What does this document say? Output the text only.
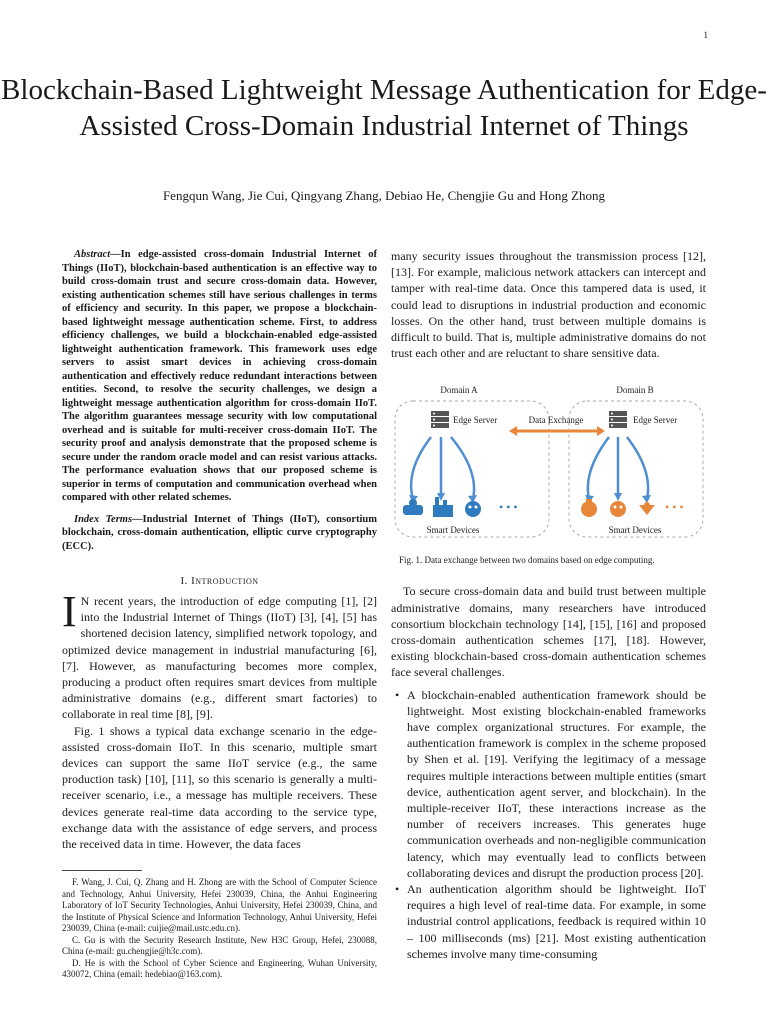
1
Blockchain-Based Lightweight Message Authentication for Edge-Assisted Cross-Domain Industrial Internet of Things
Fengqun Wang, Jie Cui, Qingyang Zhang, Debiao He, Chengjie Gu and Hong Zhong

Abstract—In edge-assisted cross-domain Industrial Internet of Things (IIoT), blockchain-based authentication is an effective way to build cross-domain trust and secure cross-domain data. However, existing authentication schemes still have serious challenges in terms of efficiency and security. In this paper, we propose a blockchain-based lightweight message authentication scheme. First, to address efficiency challenges, we build a blockchain-enabled edge-assisted lightweight authentication framework. This framework uses edge servers to assist smart devices in achieving cross-domain authentication and effectively reduce redundant interactions between entities. Second, to resolve the security challenges, we design a lightweight message authentication algorithm for cross-domain IIoT. The algorithm guarantees message security with low computational overhead and is suitable for multi-receiver cross-domain IIoT. The security proof and analysis demonstrate that the proposed scheme is secure under the random oracle model and can resist various attacks. The performance evaluation shows that our proposed scheme is superior in terms of computation and communication overhead when compared with other related schemes.

Index Terms—Industrial Internet of Things (IIoT), consortium blockchain, cross-domain authentication, elliptic curve cryptography (ECC).

I. Introduction

I N recent years, the introduction of edge computing [1], [2] into the Industrial Internet of Things (IIoT) [3], [4], [5] has shortened decision latency, simplified network topology, and optimized device management in industrial manufacturing [6], [7]. However, as manufacturing becomes more complex, producing a product often requires smart devices from multiple administrative domains (e.g., different smart factories) to collaborate in real time [8], [9].

Fig. 1 shows a typical data exchange scenario in the edge-assisted cross-domain IIoT. In this scenario, multiple smart devices can support the same IIoT service (e.g., the same production task) [10], [11], so this scenario is generally a multi-receiver scenario, i.e., a message has multiple receivers. These devices generate real-time data according to the service type, exchange data with the assistance of edge servers, and process the received data in time. However, the data faces

F. Wang, J. Cui, Q. Zhang and H. Zhong are with the School of Computer Science and Technology, Anhui University, Hefei 230039, China, the Anhui Engineering Laboratory of IoT Security Technologies, Anhui University, Hefei 230039, China, and the Institute of Physical Science and Information Technology, Anhui University, Hefei 230039, China (e-mail: cuijie@mail.ustc.edu.cn).

C. Gu is with the Security Research Institute, New H3C Group, Hefei, 230088, China (e-mail: gu.chengjie@h3c.com).

D. He is with the School of Cyber Science and Engineering, Wuhan University, 430072, China (email: hedebiao@163.com).

many security issues throughout the transmission process [12], [13]. For example, malicious network attackers can intercept and tamper with real-time data. Once this tampered data is used, it could lead to disruptions in industrial production and economic losses. On the other hand, trust between multiple domains is difficult to build. That is, multiple administrative domains do not trust each other and are reluctant to share sensitive data.

Domain A	Domain B
Edge Server	Edge Server
Data Exchange
• • •
Smart Devices
• • •
Smart Devices
Fig. 1. Data exchange between two domains based on edge computing.

To secure cross-domain data and build trust between multiple administrative domains, many researchers have introduced consortium blockchain technology [14], [15], [16] and proposed cross-domain authentication schemes [17], [18]. However, existing blockchain-based cross-domain authentication schemes face several challenges.

• A blockchain-enabled authentication framework should be lightweight. Most existing blockchain-enabled frameworks have complex organizational structures. For example, the authentication framework is complex in the scheme proposed by Shen et al. [19]. Verifying the legitimacy of a message requires multiple interactions between multiple entities (smart device, authentication agent server, and blockchain). In the multiple-receiver IIoT, these interactions increase as the number of receivers increases. This generates huge communication overheads and non-negligible communication latency, which may eventually lead to conflicts between collaborating devices and disrupt the production process [20].
• An authentication algorithm should be lightweight. IIoT requires a high level of real-time data. For example, in some industrial control applications, feedback is required within 10 – 100 milliseconds (ms) [21]. Most existing authentication schemes involve many time-consuming
